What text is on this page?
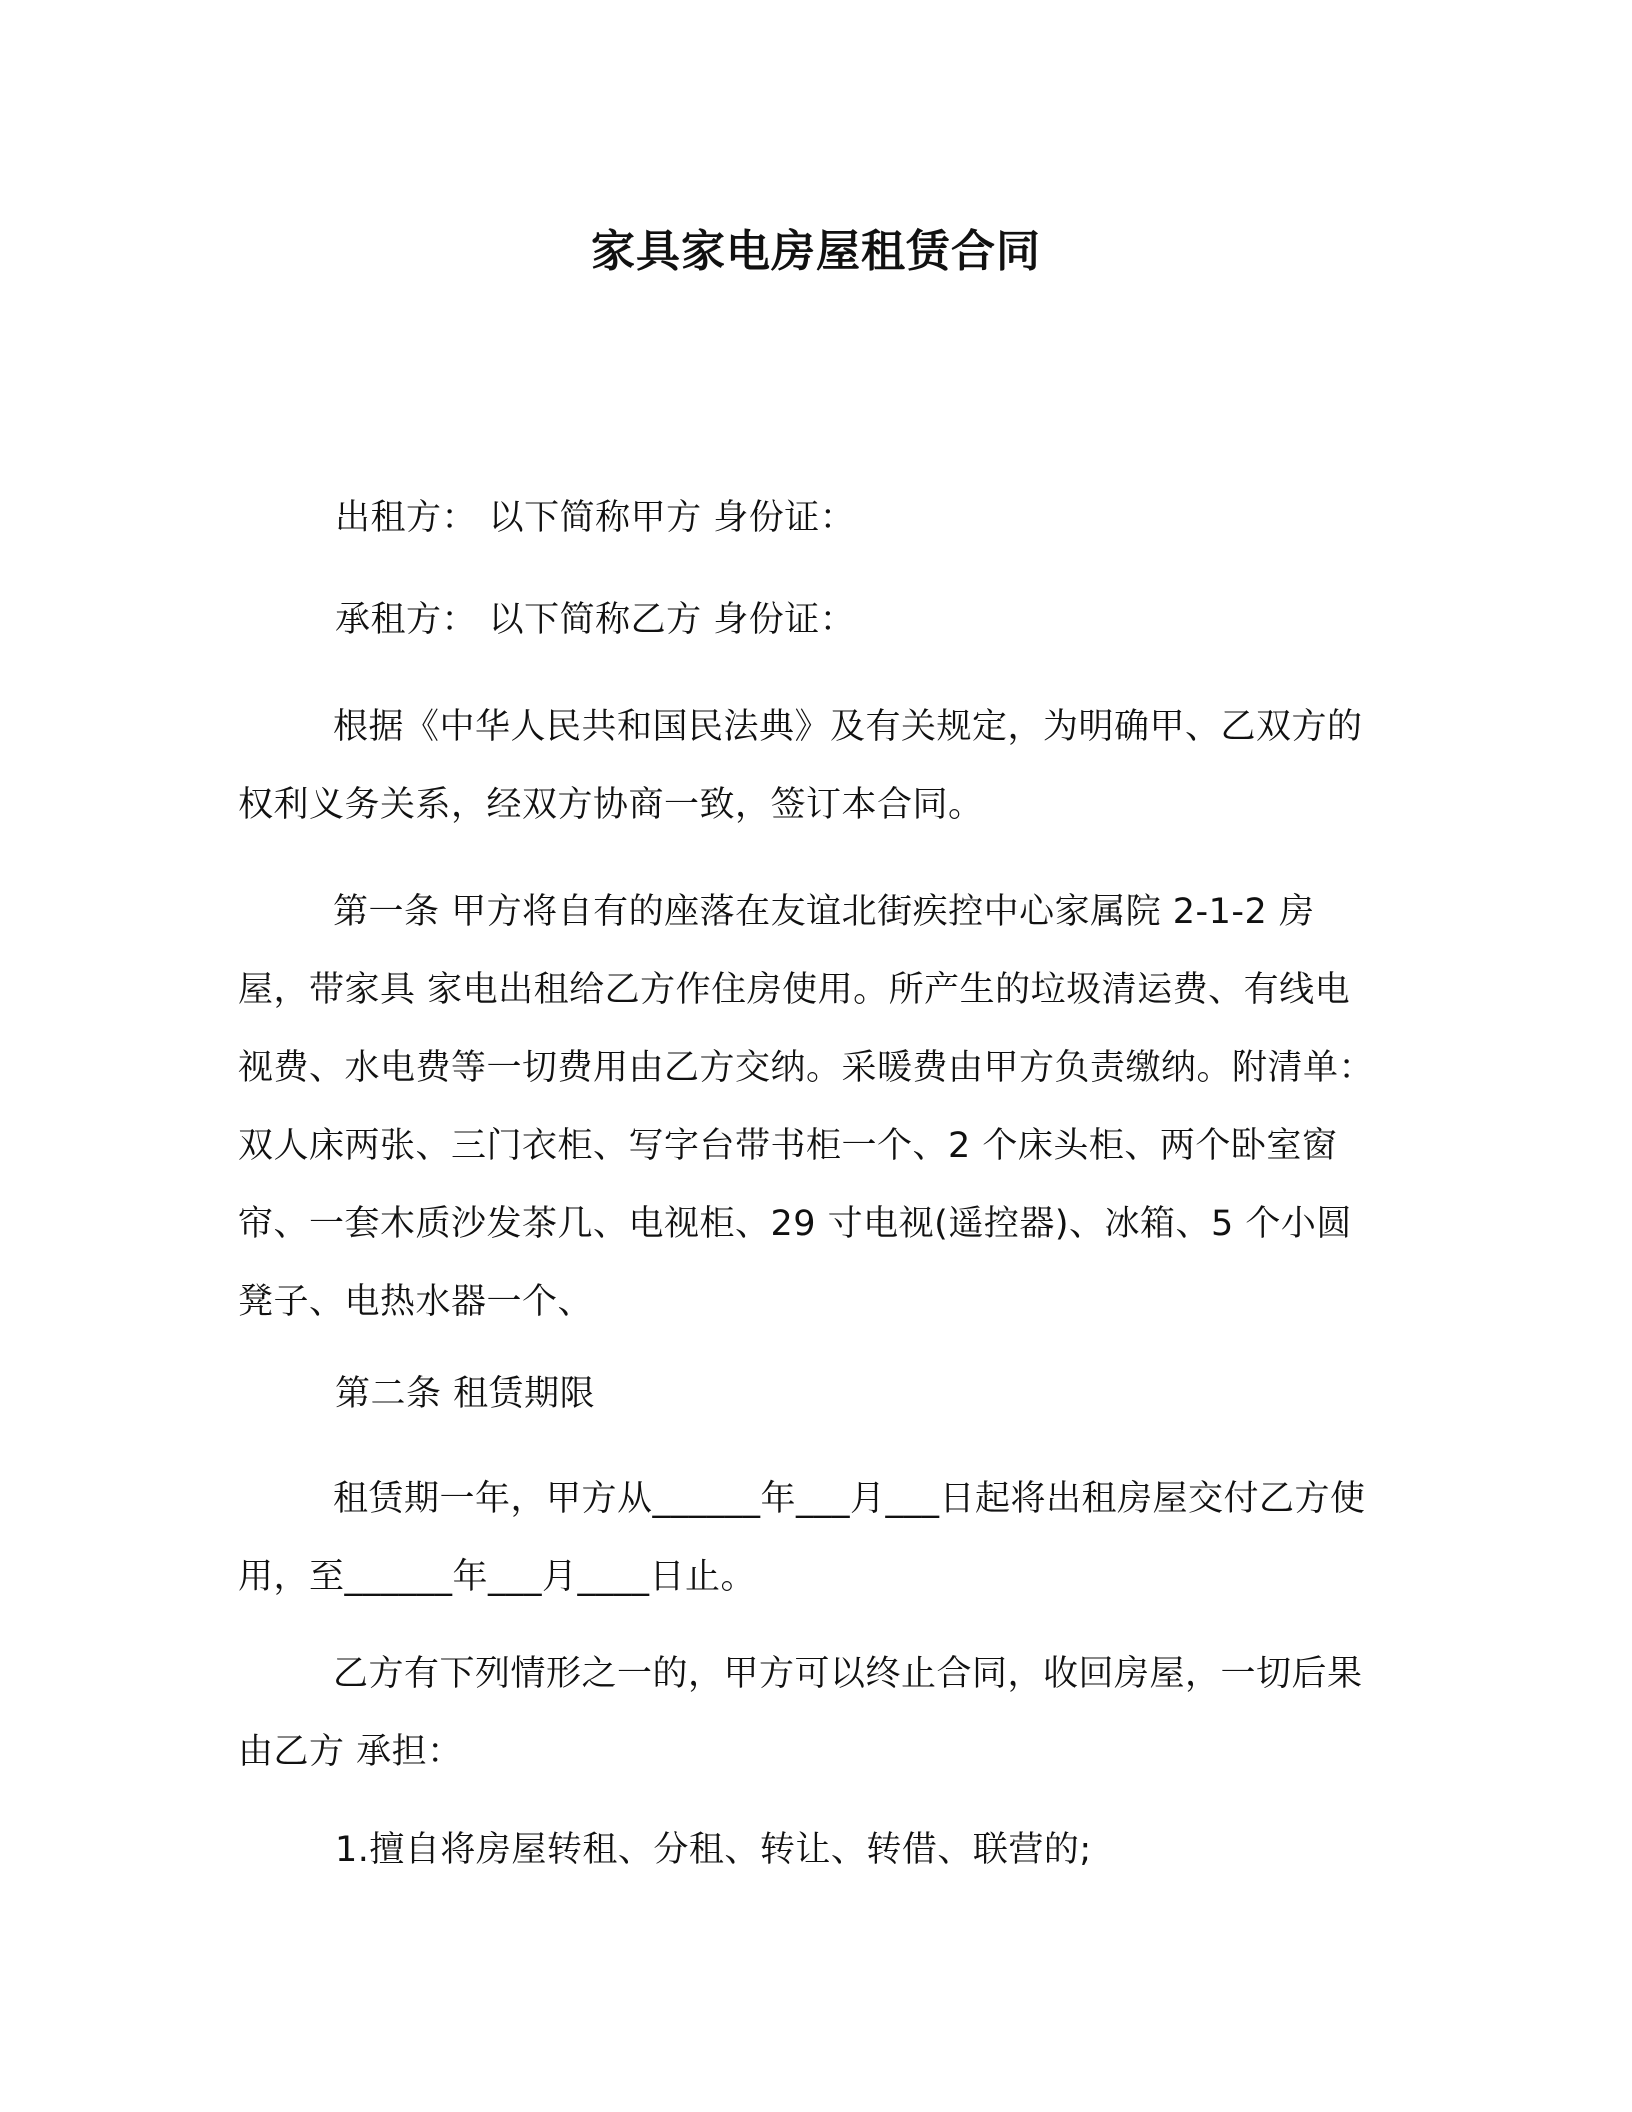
家具家电房屋租赁合同
出租方： 以下简称甲方 身份证：
承租方： 以下简称乙方 身份证：

根据《中华人民共和国民法典》及有关规定，为明确甲、乙双方的权利义务关系，经双方协商一致，签订本合同。

第一条 甲方将自有的座落在友谊北街疾控中心家属院 2-1-2 房屋，带家具 家电出租给乙方作住房使用。所产生的垃圾清运费、有线电视费、水电费等一切费用由乙方交纳。采暖费由甲方负责缴纳。附清单：双人床两张、三门衣柜、写字台带书柜一个、2 个床头柜、两个卧室窗帘、一套木质沙发茶几、电视柜、29 寸电视(遥控器)、冰箱、5 个小圆凳子、电热水器一个、

第二条 租赁期限

租赁期一年，甲方从______年___月___日起将出租房屋交付乙方使用，至______年___月____日止。

乙方有下列情形之一的，甲方可以终止合同，收回房屋，一切后果由乙方 承担：

1.擅自将房屋转租、分租、转让、转借、联营的;
